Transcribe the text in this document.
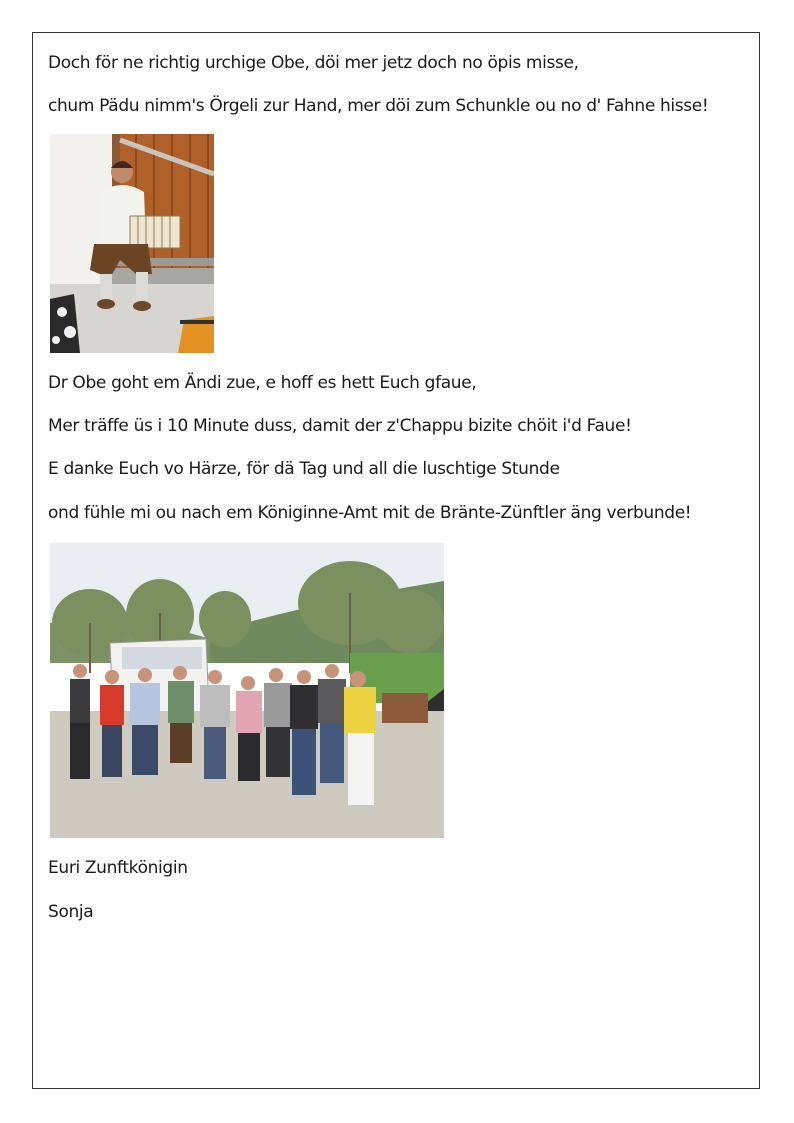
Doch för ne richtig urchige Obe, döi mer jetz doch no öpis misse,
chum Pädu nimm's Örgeli zur Hand, mer döi zum Schunkle ou no d' Fahne hisse!
Dr Obe goht em Ändi zue, e hoff es hett Euch gfaue,
Mer träffe üs i 10 Minute duss, damit der z'Chappu bizite chöit i'd Faue!
E danke Euch vo Härze, för dä Tag und all die luschtige Stunde
ond fühle mi ou nach em Königinne-Amt mit de Bränte-Zünftler äng verbunde!
Euri Zunftkönigin
Sonja
